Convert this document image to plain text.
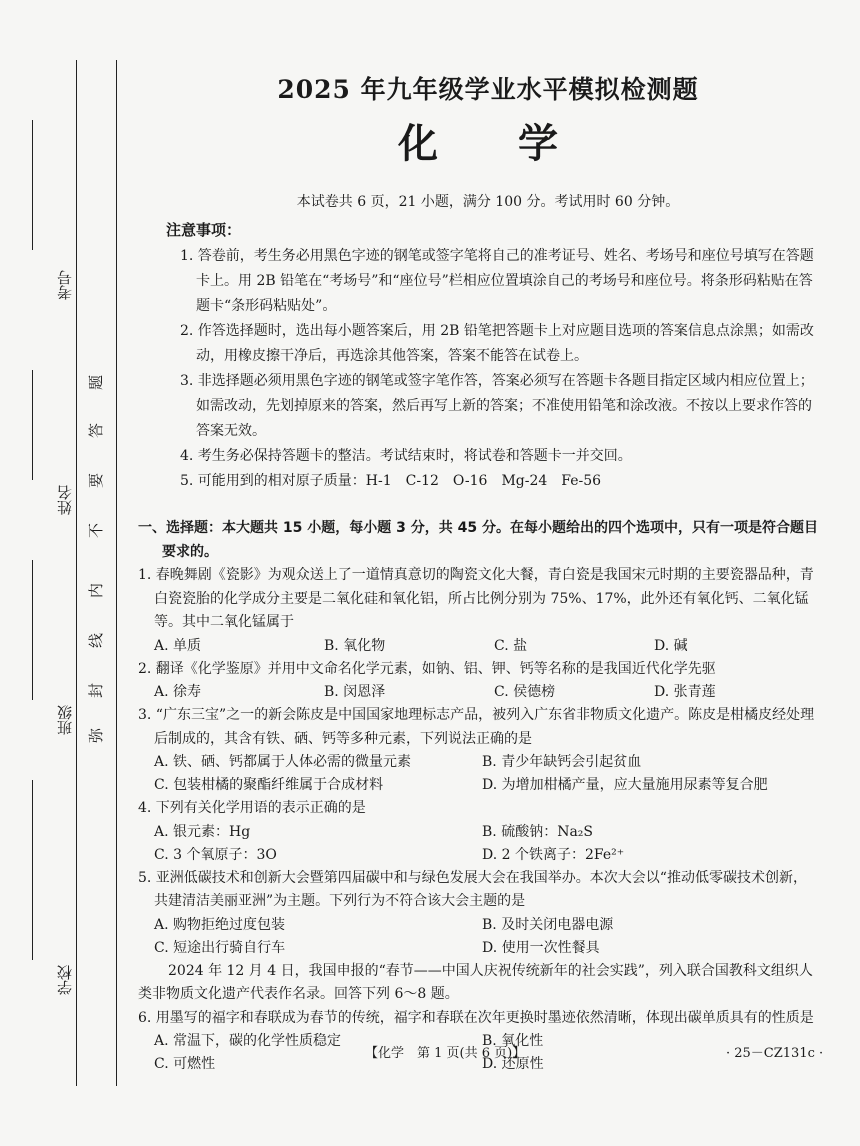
考号
姓名
班级
学校
题
答
要
不
内
线
封
弥
2025 年九年级学业水平模拟检测题
化学
本试卷共 6 页，21 小题，满分 100 分。考试用时 60 分钟。
注意事项：
1. 答卷前，考生务必用黑色字迹的钢笔或签字笔将自己的准考证号、姓名、考场号和座位号填写在答题卡上。用 2B 铅笔在“考场号”和“座位号”栏相应位置填涂自己的考场号和座位号。将条形码粘贴在答题卡“条形码粘贴处”。
2. 作答选择题时，选出每小题答案后，用 2B 铅笔把答题卡上对应题目选项的答案信息点涂黑；如需改动，用橡皮擦干净后，再选涂其他答案，答案不能答在试卷上。
3. 非选择题必须用黑色字迹的钢笔或签字笔作答，答案必须写在答题卡各题目指定区域内相应位置上；如需改动，先划掉原来的答案，然后再写上新的答案；不准使用铅笔和涂改液。不按以上要求作答的答案无效。
4. 考生务必保持答题卡的整洁。考试结束时，将试卷和答题卡一并交回。
5. 可能用到的相对原子质量：H-1　C-12　O-16　Mg-24　Fe-56
一、选择题：本大题共 15 小题，每小题 3 分，共 45 分。在每小题给出的四个选项中，只有一项是符合题目要求的。
1. 春晚舞剧《瓷影》为观众送上了一道情真意切的陶瓷文化大餐，青白瓷是我国宋元时期的主要瓷器品种，青白瓷瓷胎的化学成分主要是二氧化硅和氧化铝，所占比例分别为 75%、17%，此外还有氧化钙、二氧化锰等。其中二氧化锰属于
A. 单质	B. 氧化物	C. 盐	D. 碱
2. 翻译《化学鉴原》并用中文命名化学元素，如钠、铝、钾、钙等名称的是我国近代化学先驱
A. 徐寿	B. 闵恩泽	C. 侯德榜	D. 张青莲
3. “广东三宝”之一的新会陈皮是中国国家地理标志产品，被列入广东省非物质文化遗产。陈皮是柑橘皮经处理后制成的，其含有铁、硒、钙等多种元素，下列说法正确的是
A. 铁、硒、钙都属于人体必需的微量元素	B. 青少年缺钙会引起贫血
C. 包装柑橘的聚酯纤维属于合成材料	D. 为增加柑橘产量，应大量施用尿素等复合肥
4. 下列有关化学用语的表示正确的是
A. 银元素：Hg	B. 硫酸钠：Na₂S
C. 3 个氧原子：3O	D. 2 个铁离子：2Fe²⁺
5. 亚洲低碳技术和创新大会暨第四届碳中和与绿色发展大会在我国举办。本次大会以“推动低零碳技术创新，共建清洁美丽亚洲”为主题。下列行为不符合该大会主题的是
A. 购物拒绝过度包装	B. 及时关闭电器电源
C. 短途出行骑自行车	D. 使用一次性餐具
2024 年 12 月 4 日，我国申报的“春节——中国人庆祝传统新年的社会实践”，列入联合国教科文组织人类非物质文化遗产代表作名录。回答下列 6～8 题。
6. 用墨写的福字和春联成为春节的传统，福字和春联在次年更换时墨迹依然清晰，体现出碳单质具有的性质是
A. 常温下，碳的化学性质稳定	B. 氧化性
C. 可燃性	D. 还原性
【化学　第 1 页(共 6 页)】	· 25－CZ131c ·
